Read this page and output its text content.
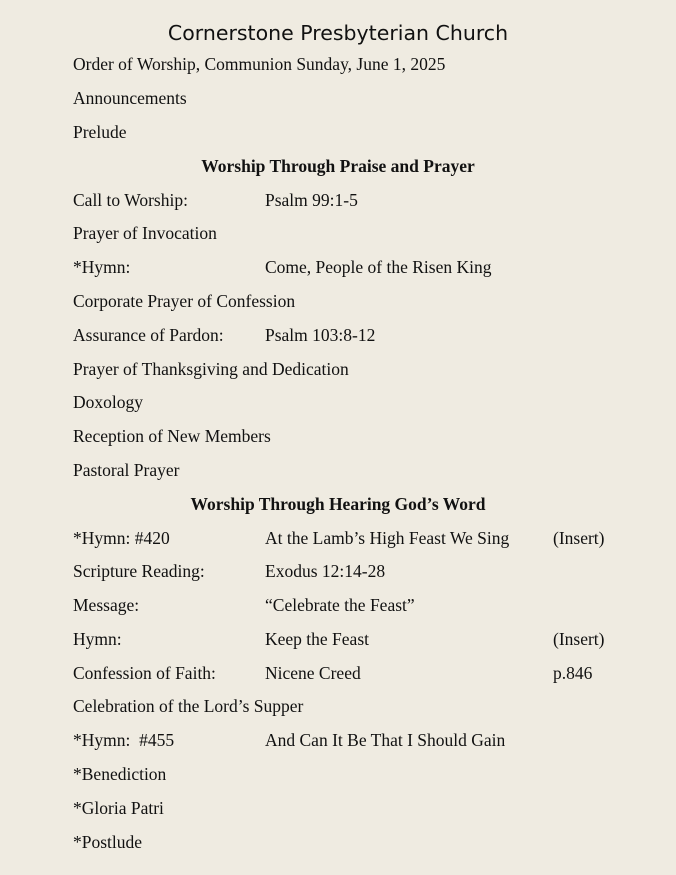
Cornerstone Presbyterian Church
Order of Worship, Communion Sunday, June 1, 2025
Announcements
Prelude
Worship Through Praise and Prayer
Call to Worship:	Psalm 99:1-5
Prayer of Invocation
*Hymn:	Come, People of the Risen King
Corporate Prayer of Confession
Assurance of Pardon: Psalm 103:8-12
Prayer of Thanksgiving and Dedication
Doxology
Reception of New Members
Pastoral Prayer
Worship Through Hearing God’s Word
*Hymn: #420	At the Lamb’s High Feast We Sing	(Insert)
Scripture Reading:	Exodus 12:14-28
Message:	“Celebrate the Feast”
Hymn:	Keep the Feast	(Insert)
Confession of Faith:	Nicene Creed	p.846
Celebration of the Lord’s Supper
*Hymn:  #455	And Can It Be That I Should Gain
*Benediction
*Gloria Patri
*Postlude
